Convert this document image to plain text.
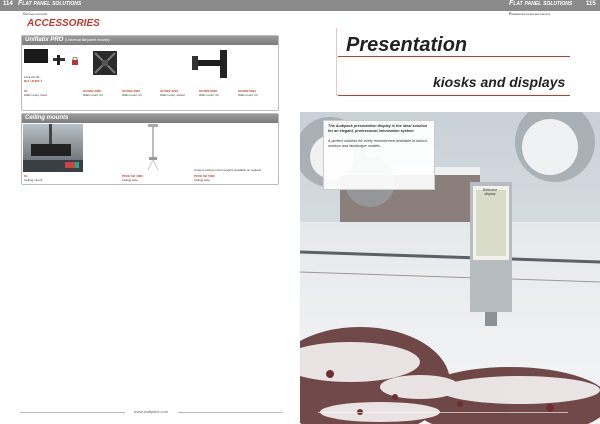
114 Flat panel solutions	Flat panel solutions 115
Outdoor solutions
ACCESSORIES
Uniflatix PRO (Universal flat panel mounts)
Lock the tilt...
Ref. UFXPL1
S1
Wall mount, fixed
UFXW2 3000
Wall mount, tilt
UFXW2 4000
Wall mount, tilt
UFXW2 4700
Wall mount, swivel
UFXW2 6000
Wall mount, tilt
UFXW2 6001
Wall mount, tilt
Ceiling mounts
Custom ceiling mount lengths available on request
S1
Ceiling mount
PVCE SO 4000
Ceiling pole
PVCE SO 5000
Ceiling pole
www.audipack.com
Presentation kiosks and displays
Presentation
kiosks and displays
Welcome display
The Audipack presentation display is the ideal solution for an elegant, professional information system
A perfect solution for every environment available in Indoor, outdoor and landscape models.
